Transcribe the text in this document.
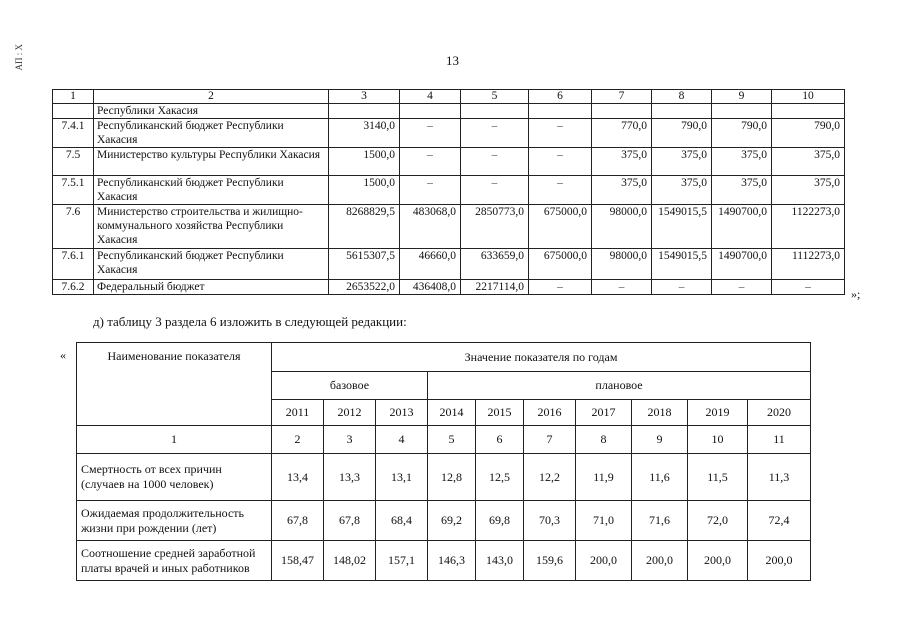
АП : Х	13
1	2	3	4	5	6	7	8	9	10
	Республики Хакасия								
7.4.1	Республиканский бюджет Республики Хакасия	3140,0	–	–	–	770,0	790,0	790,0	790,0
7.5	Министерство культуры Республики Хакасия	1500,0	–	–	–	375,0	375,0	375,0	375,0
7.5.1	Республиканский бюджет Республики Хакасия	1500,0	–	–	–	375,0	375,0	375,0	375,0
7.6	Министерство строительства и жилищно-коммунального хозяйства Республики Хакасия	8268829,5	483068,0	2850773,0	675000,0	98000,0	1549015,5	1490700,0	1122273,0
7.6.1	Республиканский бюджет Республики Хакасия	5615307,5	46660,0	633659,0	675000,0	98000,0	1549015,5	1490700,0	1112273,0
7.6.2	Федеральный бюджет	2653522,0	436408,0	2217114,0	–	–	–	–	–	»;
д) таблицу 3 раздела 6 изложить в следующей редакции:
«	Наименование показателя	Значение показателя по годам									
	базовое			плановое						
	2011	2012	2013	2014	2015	2016	2017	2018	2019	2020
1	2	3	4	5	6	7	8	9	10	11
Смертность от всех причин (случаев на 1000 человек)	13,4	13,3	13,1	12,8	12,5	12,2	11,9	11,6	11,5	11,3
Ожидаемая продолжительность жизни при рождении (лет)	67,8	67,8	68,4	69,2	69,8	70,3	71,0	71,6	72,0	72,4
Соотношение средней заработной платы врачей и иных работников	158,47	148,02	157,1	146,3	143,0	159,6	200,0	200,0	200,0	200,0
